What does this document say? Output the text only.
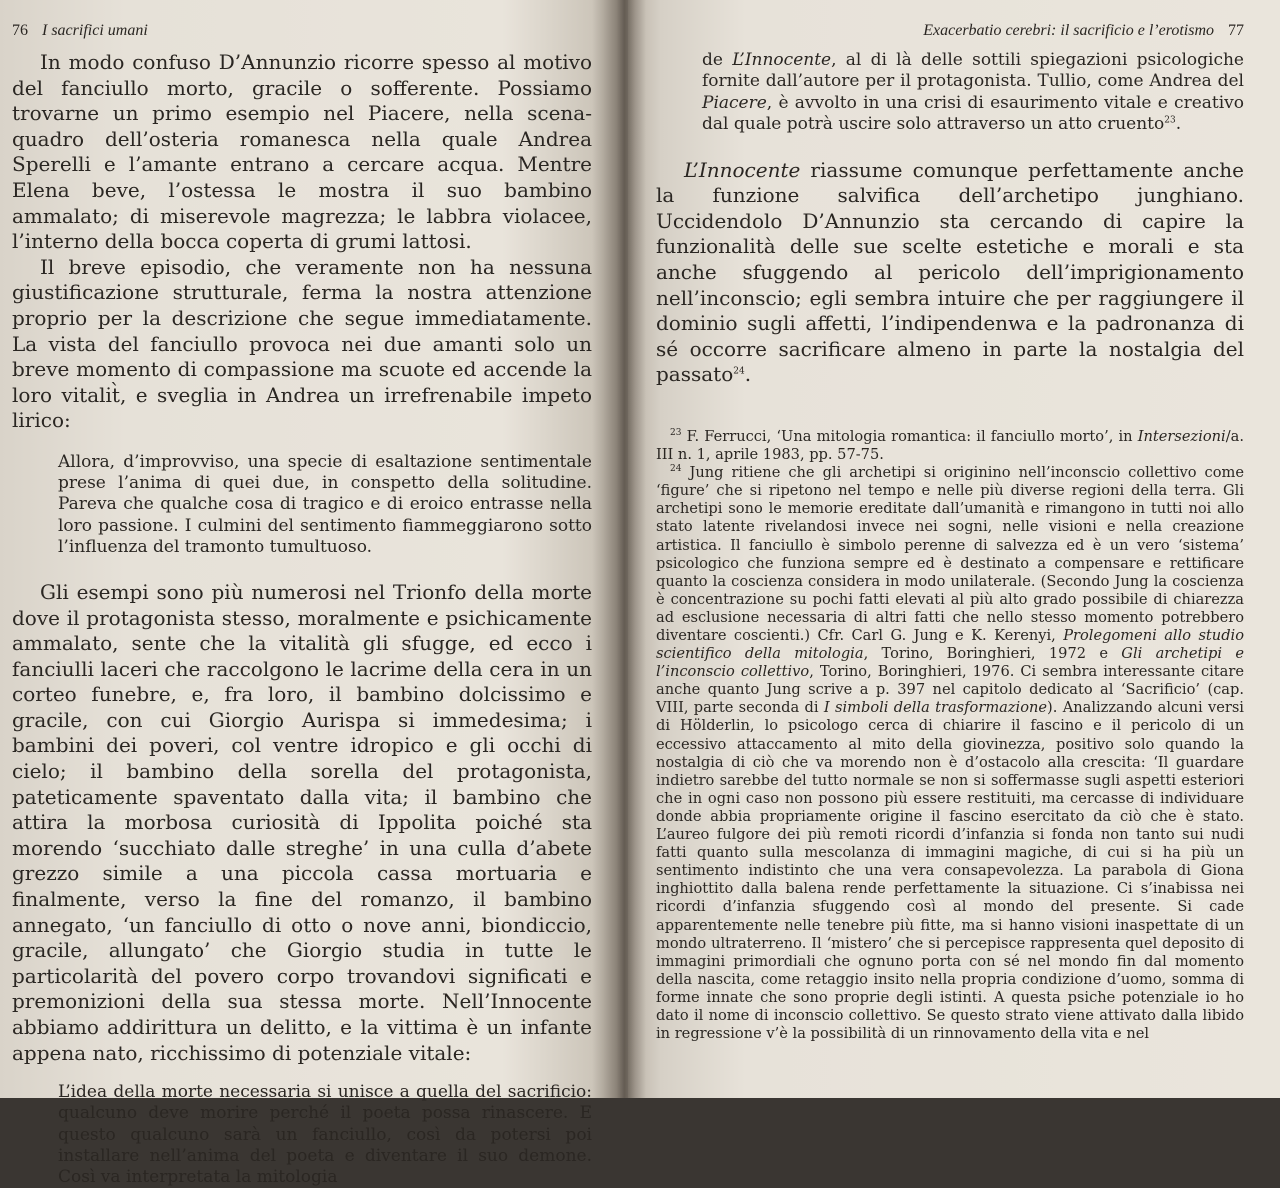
76 I sacrifici umani

In modo confuso D’Annunzio ricorre spesso al motivo del fanciullo morto, gracile o sofferente. Possiamo trovarne un primo esempio nel Piacere, nella scena-quadro dell’osteria romanesca nella quale Andrea Sperelli e l’amante entrano a cercare acqua. Mentre Elena beve, l’ostessa le mostra il suo bambino ammalato; di miserevole magrezza; le labbra violacee, l’interno della bocca coperta di grumi lattosi.

Il breve episodio, che veramente non ha nessuna giustificazione strutturale, ferma la nostra attenzione proprio per la descrizione che segue immediatamente. La vista del fanciullo provoca nei due amanti solo un breve momento di compassione ma scuote ed accende la loro vitalit̀, e sveglia in Andrea un irrefrenabile impeto lirico:

Allora, d’improvviso, una specie di esaltazione sentimentale prese l’anima di quei due, in conspetto della solitudine. Pareva che qualche cosa di tragico e di eroico entrasse nella loro passione. I culmini del sentimento fiammeggiarono sotto l’influenza del tramonto tumultuoso.

Gli esempi sono più numerosi nel Trionfo della morte dove il protagonista stesso, moralmente e psichicamente ammalato, sente che la vitalità gli sfugge, ed ecco i fanciulli laceri che raccolgono le lacrime della cera in un corteo funebre, e, fra loro, il bambino dolcissimo e gracile, con cui Giorgio Aurispa si immedesima; i bambini dei poveri, col ventre idropico e gli occhi di cielo; il bambino della sorella del protagonista, pateticamente spaventato dalla vita; il bambino che attira la morbosa curiosità di Ippolita poiché sta morendo ‘succhiato dalle streghe’ in una culla d’abete grezzo simile a una piccola cassa mortuaria e finalmente, verso la fine del romanzo, il bambino annegato, ‘un fanciullo di otto o nove anni, biondiccio, gracile, allungato’ che Giorgio studia in tutte le particolarità del povero corpo trovandovi significati e premonizioni della sua stessa morte. Nell’Innocente abbiamo addirittura un delitto, e la vittima è un infante appena nato, ricchissimo di potenziale vitale:

L’idea della morte necessaria si unisce a quella del sacrificio: qualcuno deve morire perché il poeta possa rinascere. E questo qualcuno sarà un fanciullo, così da potersi poi installare nell’anima del poeta e diventare il suo demone. Così va interpretata la mitologia
Exacerbatio cerebri: il sacrificio e l’erotismo 77

de L’Innocente, al di là delle sottili spiegazioni psicologiche fornite dall’autore per il protagonista. Tullio, come Andrea del Piacere, è avvolto in una crisi di esaurimento vitale e creativo dal quale potrà uscire solo attraverso un atto cruento$^{23}$.

L’Innocente riassume comunque perfettamente anche la funzione salvifica dell’archetipo junghiano. Uccidendolo D’Annunzio sta cercando di capire la funzionalità delle sue scelte estetiche e morali e sta anche sfuggendo al pericolo dell’imprigionamento nell’inconscio; egli sembra intuire che per raggiungere il dominio sugli affetti, l’indipendenwa e la padronanza di sé occorre sacrificare almeno in parte la nostalgia del passato$^{24}$.

$^{23}$ F. Ferrucci, ‘Una mitologia romantica: il fanciullo morto’, in Intersezioni/a. III n. 1, aprile 1983, pp. 57-75.

$^{24}$ Jung ritiene che gli archetipi si originino nell’inconscio collettivo come ‘figure’ che si ripetono nel tempo e nelle più diverse regioni della terra. Gli archetipi sono le memorie ereditate dall’umanità e rimangono in tutti noi allo stato latente rivelandosi invece nei sogni, nelle visioni e nella creazione artistica. Il fanciullo è simbolo perenne di salvezza ed è un vero ‘sistema’ psicologico che funziona sempre ed è destinato a compensare e rettificare quanto la coscienza considera in modo unilaterale. (Secondo Jung la coscienza è concentrazione su pochi fatti elevati al più alto grado possibile di chiarezza ad esclusione necessaria di altri fatti che nello stesso momento potrebbero diventare coscienti.) Cfr. Carl G. Jung e K. Kerenyi, Prolegomeni allo studio scientifico della mitologia, Torino, Boringhieri, 1972 e Gli archetipi e l’inconscio collettivo, Torino, Boringhieri, 1976. Ci sembra interessante citare anche quanto Jung scrive a p. 397 nel capitolo dedicato al ‘Sacrificio’ (cap. VIII, parte seconda di I simboli della trasformazione). Analizzando alcuni versi di Hölderlin, lo psicologo cerca di chiarire il fascino e il pericolo di un eccessivo attaccamento al mito della giovinezza, positivo solo quando la nostalgia di ciò che va morendo non è d’ostacolo alla crescita: ‘Il guardare indietro sarebbe del tutto normale se non si soffermasse sugli aspetti esteriori che in ogni caso non possono più essere restituiti, ma cercasse di individuare donde abbia propriamente origine il fascino esercitato da ciò che è stato. L’aureo fulgore dei più remoti ricordi d’infanzia si fonda non tanto sui nudi fatti quanto sulla mescolanza di immagini magiche, di cui si ha più un sentimento indistinto che una vera consapevolezza. La parabola di Giona inghiottito dalla balena rende perfettamente la situazione. Ci s’inabissa nei ricordi d’infanzia sfuggendo così al mondo del presente. Si cade apparentemente nelle tenebre più fitte, ma si hanno visioni inaspettate di un mondo ultraterreno. Il ‘mistero’ che si percepisce rappresenta quel deposito di immagini primordiali che ognuno porta con sé nel mondo fin dal momento della nascita, come retaggio insito nella propria condizione d’uomo, somma di forme innate che sono proprie degli istinti. A questa psiche potenziale io ho dato il nome di inconscio collettivo. Se questo strato viene attivato dalla libido in regressione v’è la possibilità di un rinnovamento della vita e nel
